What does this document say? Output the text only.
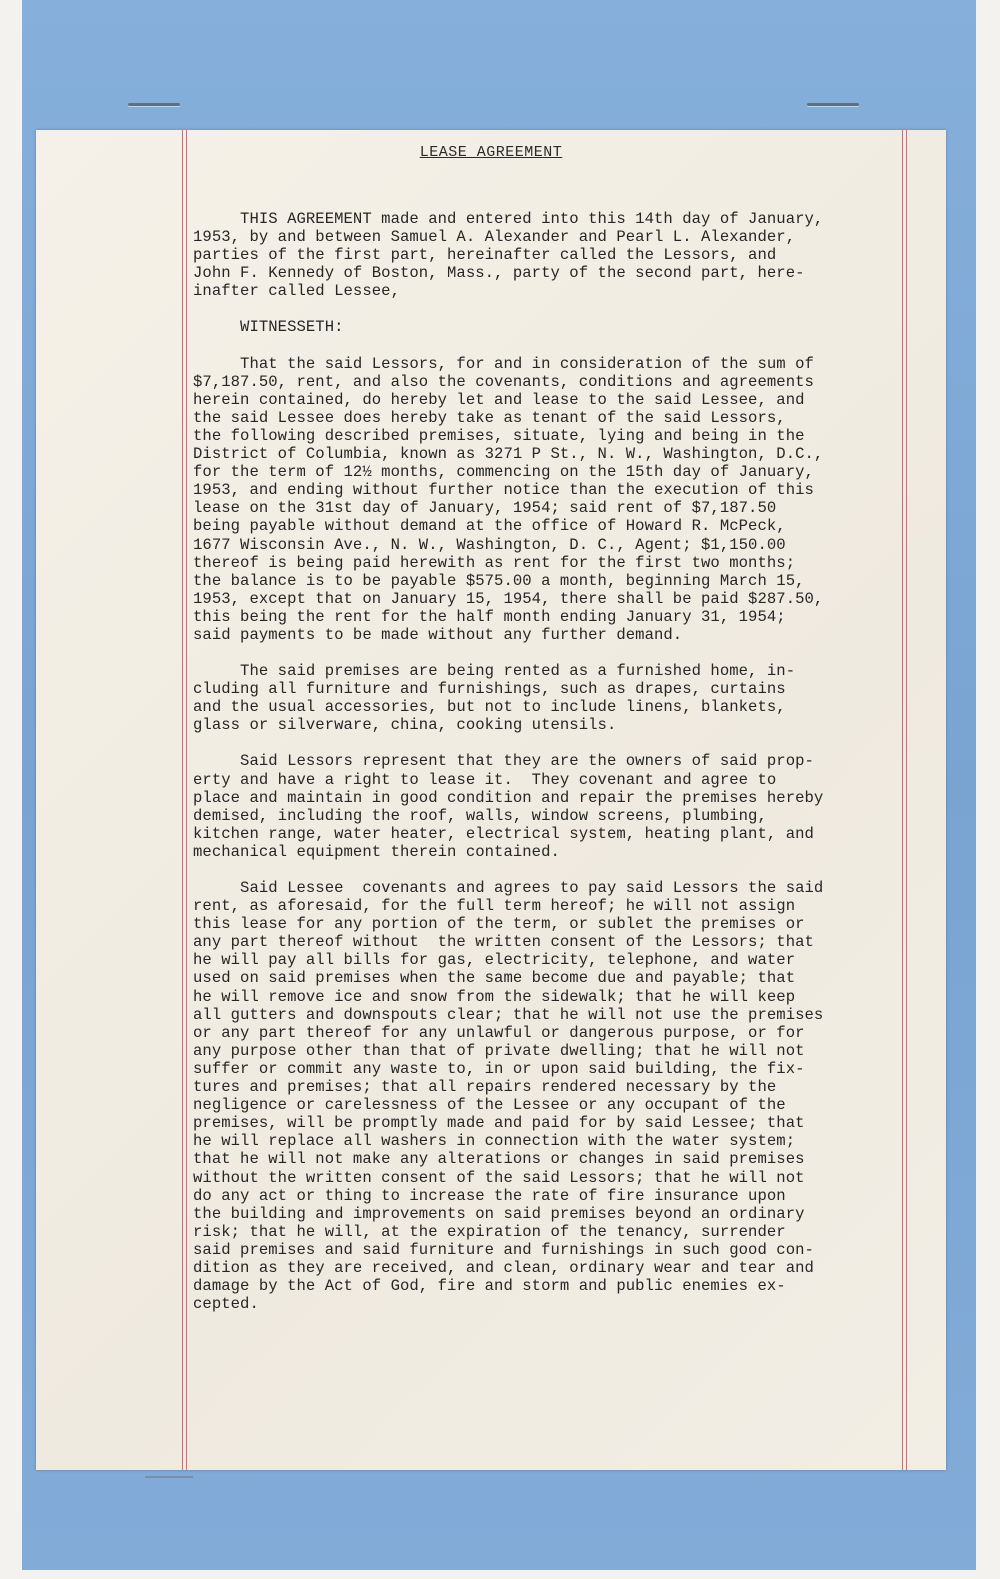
LEASE AGREEMENT
THIS AGREEMENT made and entered into this 14th day of January,
1953, by and between Samuel A. Alexander and Pearl L. Alexander,
parties of the first part, hereinafter called the Lessors, and
John F. Kennedy of Boston, Mass., party of the second part, here-
inafter called Lessee,
WITNESSETH:
That the said Lessors, for and in consideration of the sum of
$7,187.50, rent, and also the covenants, conditions and agreements
herein contained, do hereby let and lease to the said Lessee, and
the said Lessee does hereby take as tenant of the said Lessors,
the following described premises, situate, lying and being in the
District of Columbia, known as 3271 P St., N. W., Washington, D.C.,
for the term of 12½ months, commencing on the 15th day of January,
1953, and ending without further notice than the execution of this
lease on the 31st day of January, 1954; said rent of $7,187.50
being payable without demand at the office of Howard R. McPeck,
1677 Wisconsin Ave., N. W., Washington, D. C., Agent; $1,150.00
thereof is being paid herewith as rent for the first two months;
the balance is to be payable $575.00 a month, beginning March 15,
1953, except that on January 15, 1954, there shall be paid $287.50,
this being the rent for the half month ending January 31, 1954;
said payments to be made without any further demand.
The said premises are being rented as a furnished home, in-
cluding all furniture and furnishings, such as drapes, curtains
and the usual accessories, but not to include linens, blankets,
glass or silverware, china, cooking utensils.
Said Lessors represent that they are the owners of said prop-
erty and have a right to lease it.  They covenant and agree to
place and maintain in good condition and repair the premises hereby
demised, including the roof, walls, window screens, plumbing,
kitchen range, water heater, electrical system, heating plant, and
mechanical equipment therein contained.
Said Lessee  covenants and agrees to pay said Lessors the said
rent, as aforesaid, for the full term hereof; he will not assign
this lease for any portion of the term, or sublet the premises or
any part thereof without  the written consent of the Lessors; that
he will pay all bills for gas, electricity, telephone, and water
used on said premises when the same become due and payable; that
he will remove ice and snow from the sidewalk; that he will keep
all gutters and downspouts clear; that he will not use the premises
or any part thereof for any unlawful or dangerous purpose, or for
any purpose other than that of private dwelling; that he will not
suffer or commit any waste to, in or upon said building, the fix-
tures and premises; that all repairs rendered necessary by the
negligence or carelessness of the Lessee or any occupant of the
premises, will be promptly made and paid for by said Lessee; that
he will replace all washers in connection with the water system;
that he will not make any alterations or changes in said premises
without the written consent of the said Lessors; that he will not
do any act or thing to increase the rate of fire insurance upon
the building and improvements on said premises beyond an ordinary
risk; that he will, at the expiration of the tenancy, surrender
said premises and said furniture and furnishings in such good con-
dition as they are received, and clean, ordinary wear and tear and
damage by the Act of God, fire and storm and public enemies ex-
cepted.
